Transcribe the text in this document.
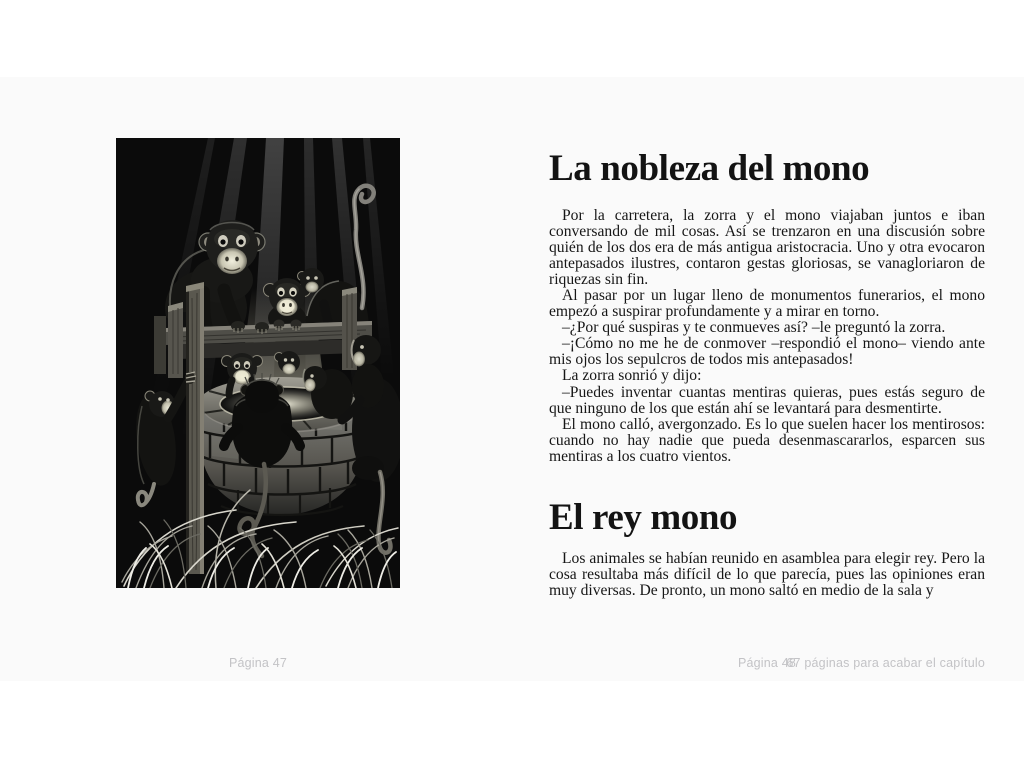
Página 47
La nobleza del mono

Por la carretera, la zorra y el mono viajaban juntos e iban conversando de mil cosas. Así se trenzaron en una discusión sobre quién de los dos era de más antigua aristocracia. Uno y otra evocaron antepasados ilustres, contaron gestas gloriosas, se vanagloriaron de riquezas sin fin.

Al pasar por un lugar lleno de monumentos funerarios, el mono empezó a suspirar profundamente y a mirar en torno.

–¿Por qué suspiras y te conmueves así? –le preguntó la zorra.

–¡Cómo no me he de conmover –respondió el mono– viendo ante mis ojos los sepulcros de todos mis antepasados!

La zorra sonrió y dijo:

–Puedes inventar cuantas mentiras quieras, pues estás seguro de que ninguno de los que están ahí se levantará para desmentirte.

El mono calló, avergonzado. Es lo que suelen hacer los mentirosos: cuando no hay nadie que pueda desenmascararlos, esparcen sus mentiras a los cuatro vientos.

El rey mono

Los animales se habían reunido en asamblea para elegir rey. Pero la cosa resultaba más difícil de lo que parecía, pues las opiniones eran muy diversas. De pronto, un mono saltó en medio de la sala y

Página 48
67 páginas para acabar el capítulo
